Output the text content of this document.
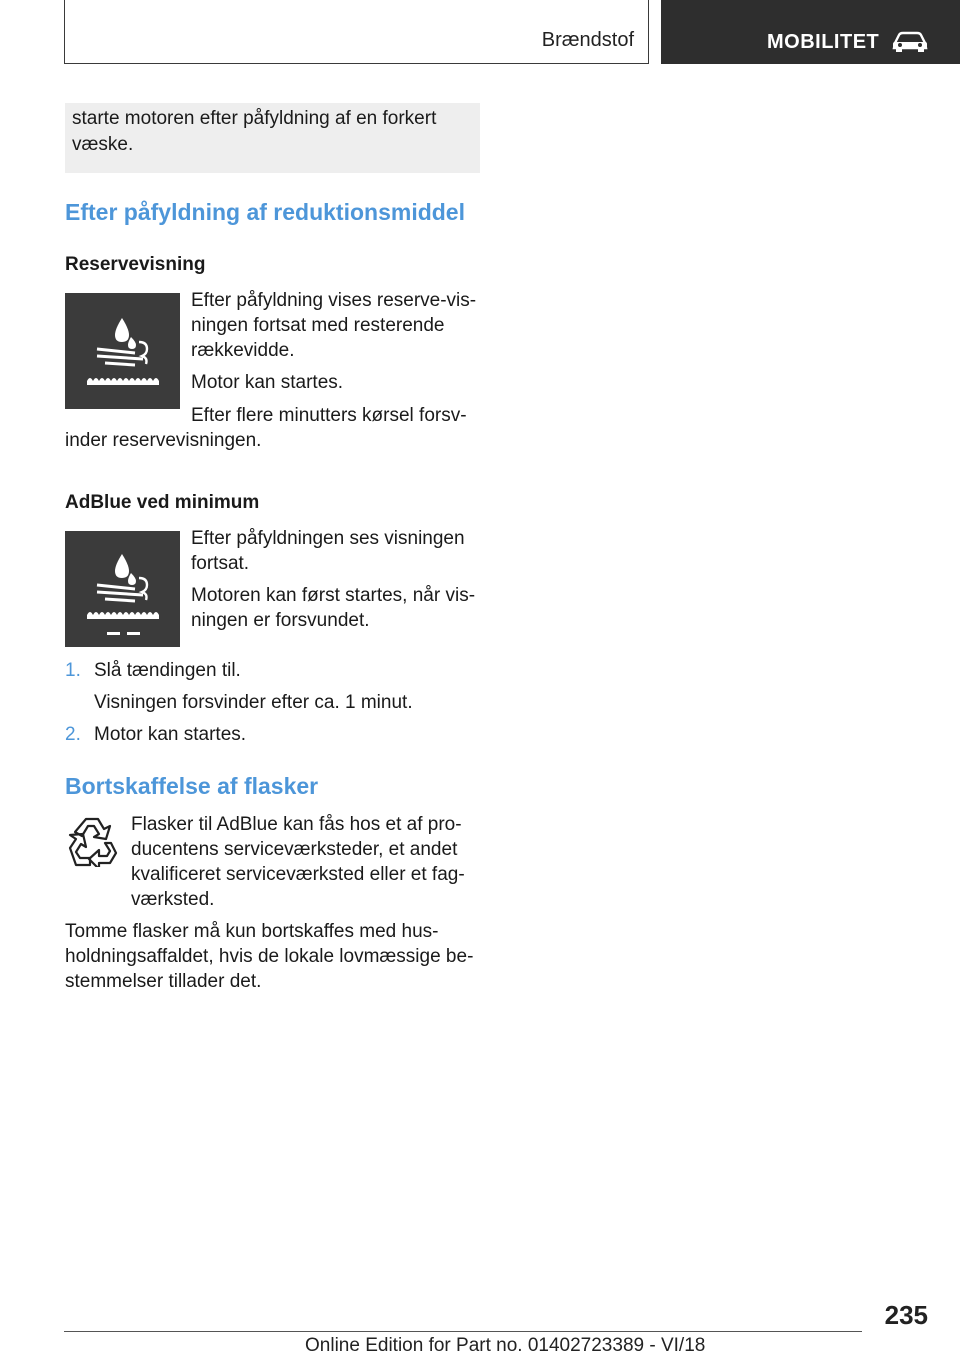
Brændstof	MOBILITET
starte motoren efter påfyldning af en forkert væske.
Efter påfyldning af reduktionsmiddel
Reservevisning

Efter påfyldning vises reserve-visningen fortsat med resterende rækkevidde.

Motor kan startes.

Efter flere minutters kørsel forsvinder reservevisningen.

AdBlue ved minimum

Efter påfyldningen ses visningen fortsat.

Motoren kan først startes, når visningen er forsvundet.

1. Slå tændingen til.

Visningen forsvinder efter ca. 1 minut.

2. Motor kan startes.

Bortskaffelse af flasker

Flasker til AdBlue kan fås hos et af producentens serviceværksteder, et andet kvalificeret serviceværksted eller et fagværksted.

Tomme flasker må kun bortskaffes med husholdningsaffaldet, hvis de lokale lovmæssige bestemmelser tillader det.

235
Online Edition for Part no. 01402723389 - VI/18
